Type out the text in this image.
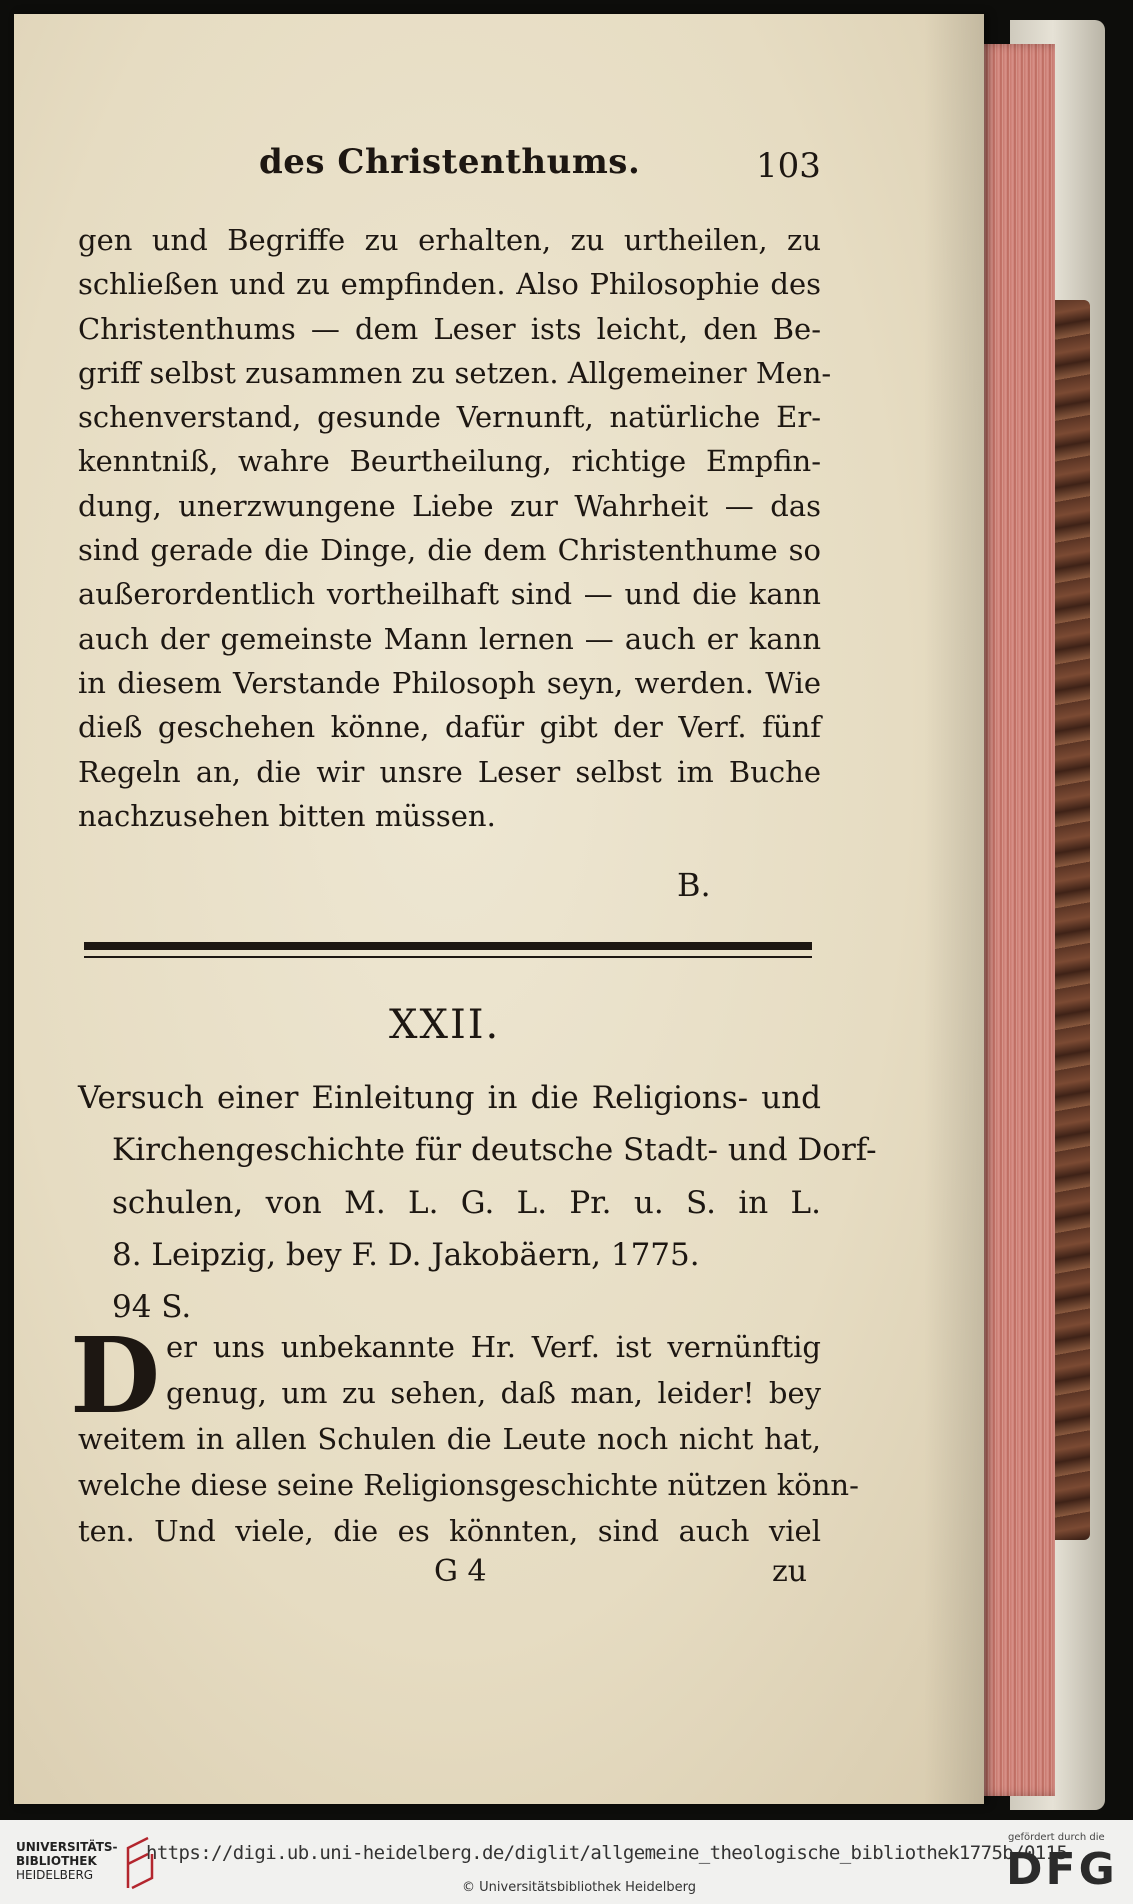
des Christenthums.	103
gen und Begriffe zu erhalten, zu urtheilen, zu
schließen und zu empfinden. Also Philosophie des
Christenthums — dem Leser ists leicht, den Be-
griff selbst zusammen zu setzen. Allgemeiner Men-
schenverstand, gesunde Vernunft, natürliche Er-
kenntniß, wahre Beurtheilung, richtige Empfin-
dung, unerzwungene Liebe zur Wahrheit — das
sind gerade die Dinge, die dem Christenthume so
außerordentlich vortheilhaft sind — und die kann
auch der gemeinste Mann lernen — auch er kann
in diesem Verstande Philosoph seyn, werden. Wie
dieß geschehen könne, dafür gibt der Verf. fünf
Regeln an, die wir unsre Leser selbst im Buche
nachzusehen bitten müssen.
B.
XXII.
Versuch einer Einleitung in die Religions- und
Kirchengeschichte für deutsche Stadt- und Dorf-
schulen, von M. L. G. L. Pr. u. S. in L.
8. Leipzig, bey F. D. Jakobäern, 1775.
94 S.
D er uns unbekannte Hr. Verf. ist vernünftig
genug, um zu sehen, daß man, leider! bey
weitem in allen Schulen die Leute noch nicht hat,
welche diese seine Religionsgeschichte nützen könn-
ten. Und viele, die es könnten, sind auch viel
G 4	zu
UNIVERSITÄTS-
BIBLIOTHEK
HEIDELBERG
https://digi.ub.uni-heidelberg.de/diglit/allgemeine_theologische_bibliothek1775b/0115
© Universitätsbibliothek Heidelberg
gefördert durch die
DFG
